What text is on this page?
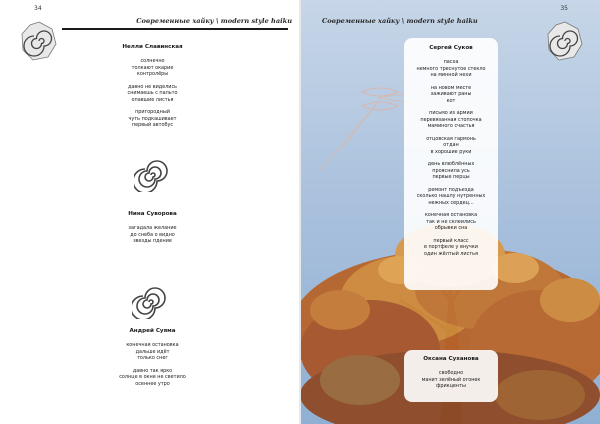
34
Современные хайку \ modern style haiku
Нелли Славинская
солнечно
толкают окарие
контролёры
давно не виделись
снимаешь с пальто
опавшие листья
пригородный
чуть подкашивает
первый автобус
Нина Суворова
загадала желание
до снеба о видно
звезды пдение
Андрей Суяма
конечная остановка
дальше идёт
только снег
давно так ярко
солнце в окне не светило
осеннее утро
35
Современные хайку \ modern style haiku
Сергей Суков
пасха
немного треснутое стекло
на минной нехи
на новом месте
заживают раны
кот
письмо из армии
перевязанная стопочка
маминого счастья
отцовская гармонь
отдан
в хорошие руки
день влюблённых
прояснила усь
первые перцы
ремонт подъезда
сколько нашлу нутренных
нежных сердец...
конечная остановка
так и не склеились
обрывки сна
первый класс
в портфеле у внучки
один жёлтый листья
Оксана Суханова
свободно
манит зелёный огонек
фрикценты
